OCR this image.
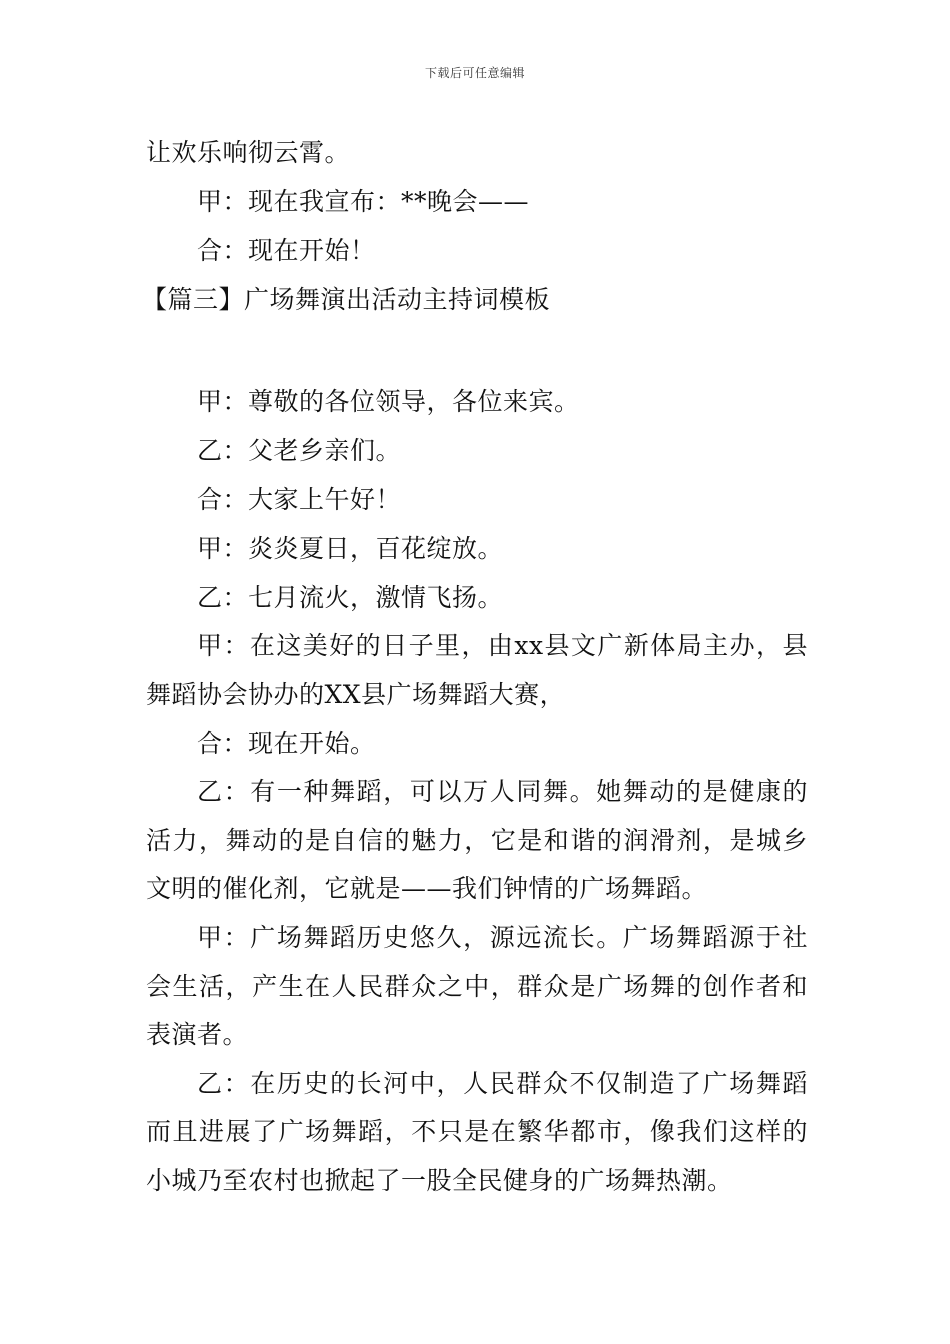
下载后可任意编辑
让欢乐响彻云霄。
甲：现在我宣布：**晚会——
合：现在开始！
【篇三】广场舞演出活动主持词模板
甲：尊敬的各位领导，各位来宾。
乙：父老乡亲们。
合：大家上午好！
甲：炎炎夏日，百花绽放。
乙：七月流火，激情飞扬。
甲：在这美好的日子里，由xx县文广新体局主办，县舞蹈协会协办的XX县广场舞蹈大赛，
合：现在开始。
乙：有一种舞蹈，可以万人同舞。她舞动的是健康的活力，舞动的是自信的魅力，它是和谐的润滑剂，是城乡文明的催化剂，它就是——我们钟情的广场舞蹈。
甲：广场舞蹈历史悠久，源远流长。广场舞蹈源于社会生活，产生在人民群众之中，群众是广场舞的创作者和表演者。
乙：在历史的长河中，人民群众不仅制造了广场舞蹈而且进展了广场舞蹈，不只是在繁华都市，像我们这样的小城乃至农村也掀起了一股全民健身的广场舞热潮。
